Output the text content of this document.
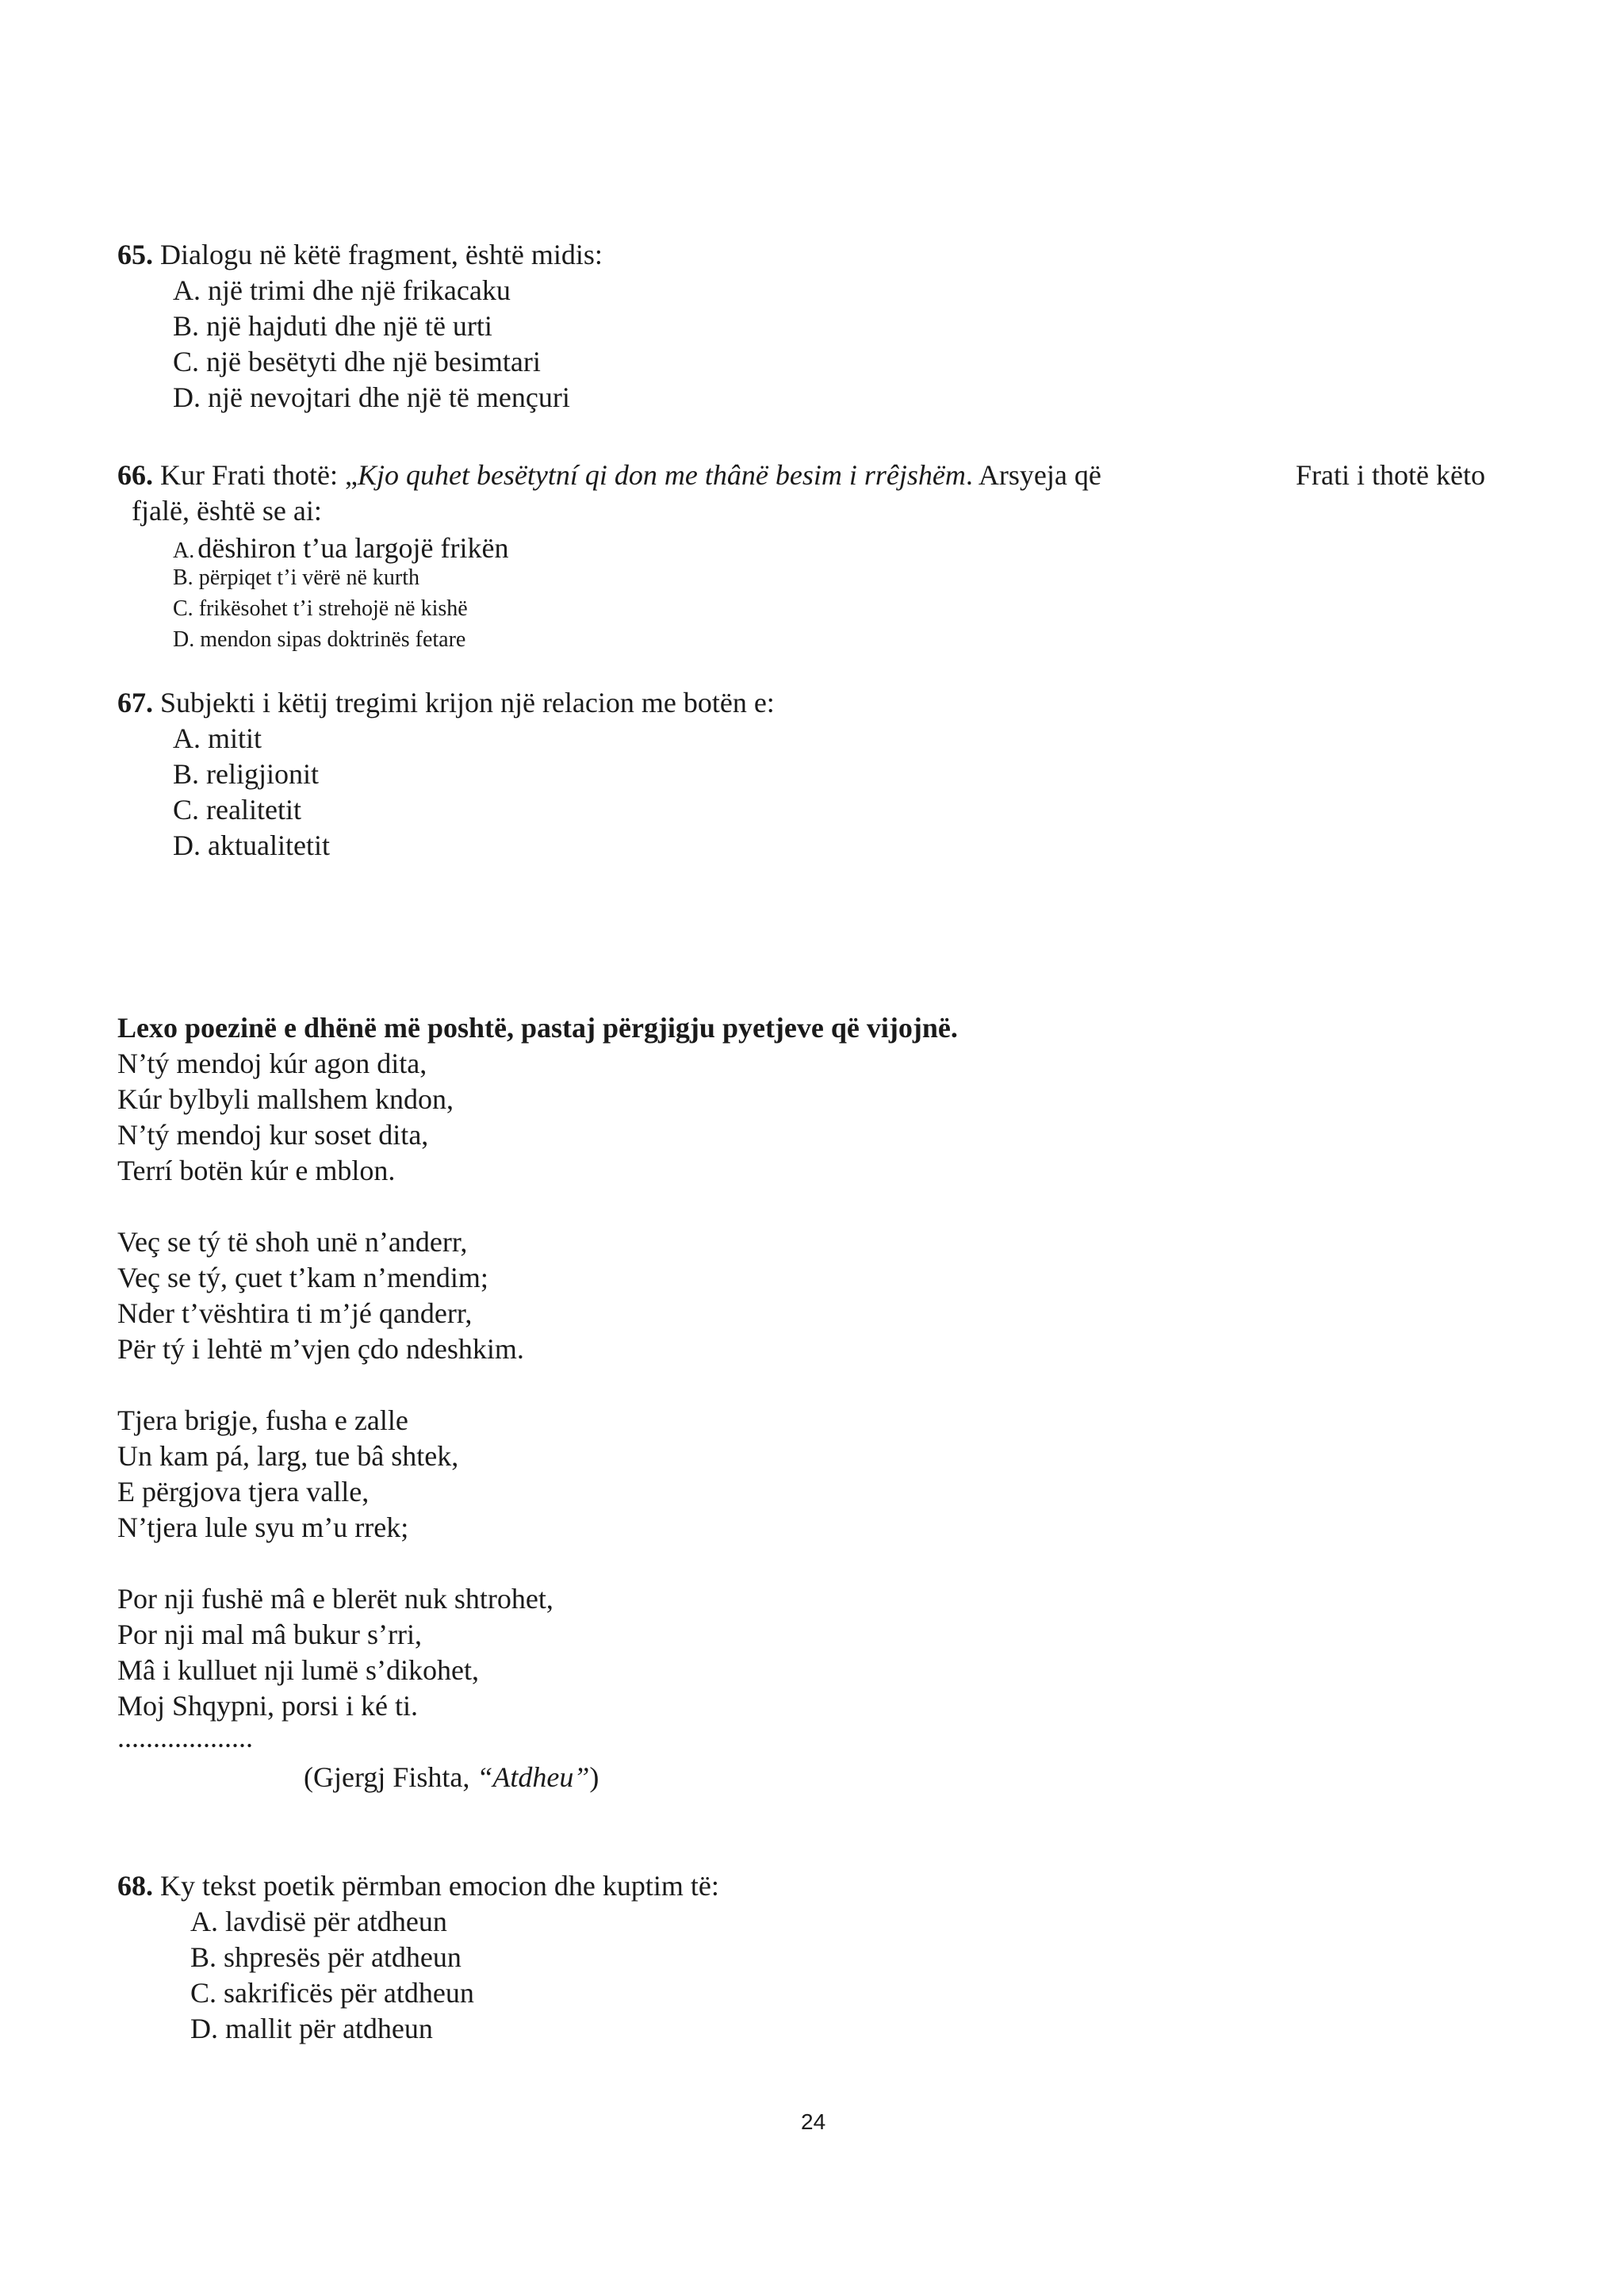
65. Dialogu në këtë fragment, është midis:
A. një trimi dhe një frikacaku
B. një hajduti dhe një të urti
C. një besëtyti dhe një besimtari
D. një nevojtari dhe një të mençuri
66. Kur Frati thotë: „Kjo quhet besëtytní qi don me thânë besim i rrêjshëm. Arsyeja që	Frati i thotë këto
fjalë, është se ai:
A. dëshiron t’ua largojë frikën
B. përpiqet t’i vërë në kurth
C. frikësohet t’i strehojë në kishë
D. mendon sipas doktrinës fetare
67. Subjekti i këtij tregimi krijon një relacion me botën e:
A. mitit
B. religjionit
C. realitetit
D. aktualitetit
Lexo poezinë e dhënë më poshtë, pastaj përgjigju pyetjeve që vijojnë.
N’tý mendoj kúr agon dita,
Kúr bylbyli mallshem kndon,
N’tý mendoj kur soset dita,
Terrí botën kúr e mblon.
Veç se tý të shoh unë n’anderr,
Veç se tý, çuet t’kam n’mendim;
Nder t’vështira ti m’jé qanderr,
Për tý i lehtë m’vjen çdo ndeshkim.
Tjera brigje, fusha e zalle
Un kam pá, larg, tue bâ shtek,
E përgjova tjera valle,
N’tjera lule syu m’u rrek;
Por nji fushë mâ e blerët nuk shtrohet,
Por nji mal mâ bukur s’rri,
Mâ i kulluet nji lumë s’dikohet,
Moj Shqypni, porsi i ké ti.
...................
(Gjergj Fishta, “Atdheu”)
68. Ky tekst poetik përmban emocion dhe kuptim të:
A. lavdisë për atdheun
B. shpresës për atdheun
C. sakrificës për atdheun
D. mallit për atdheun
24
